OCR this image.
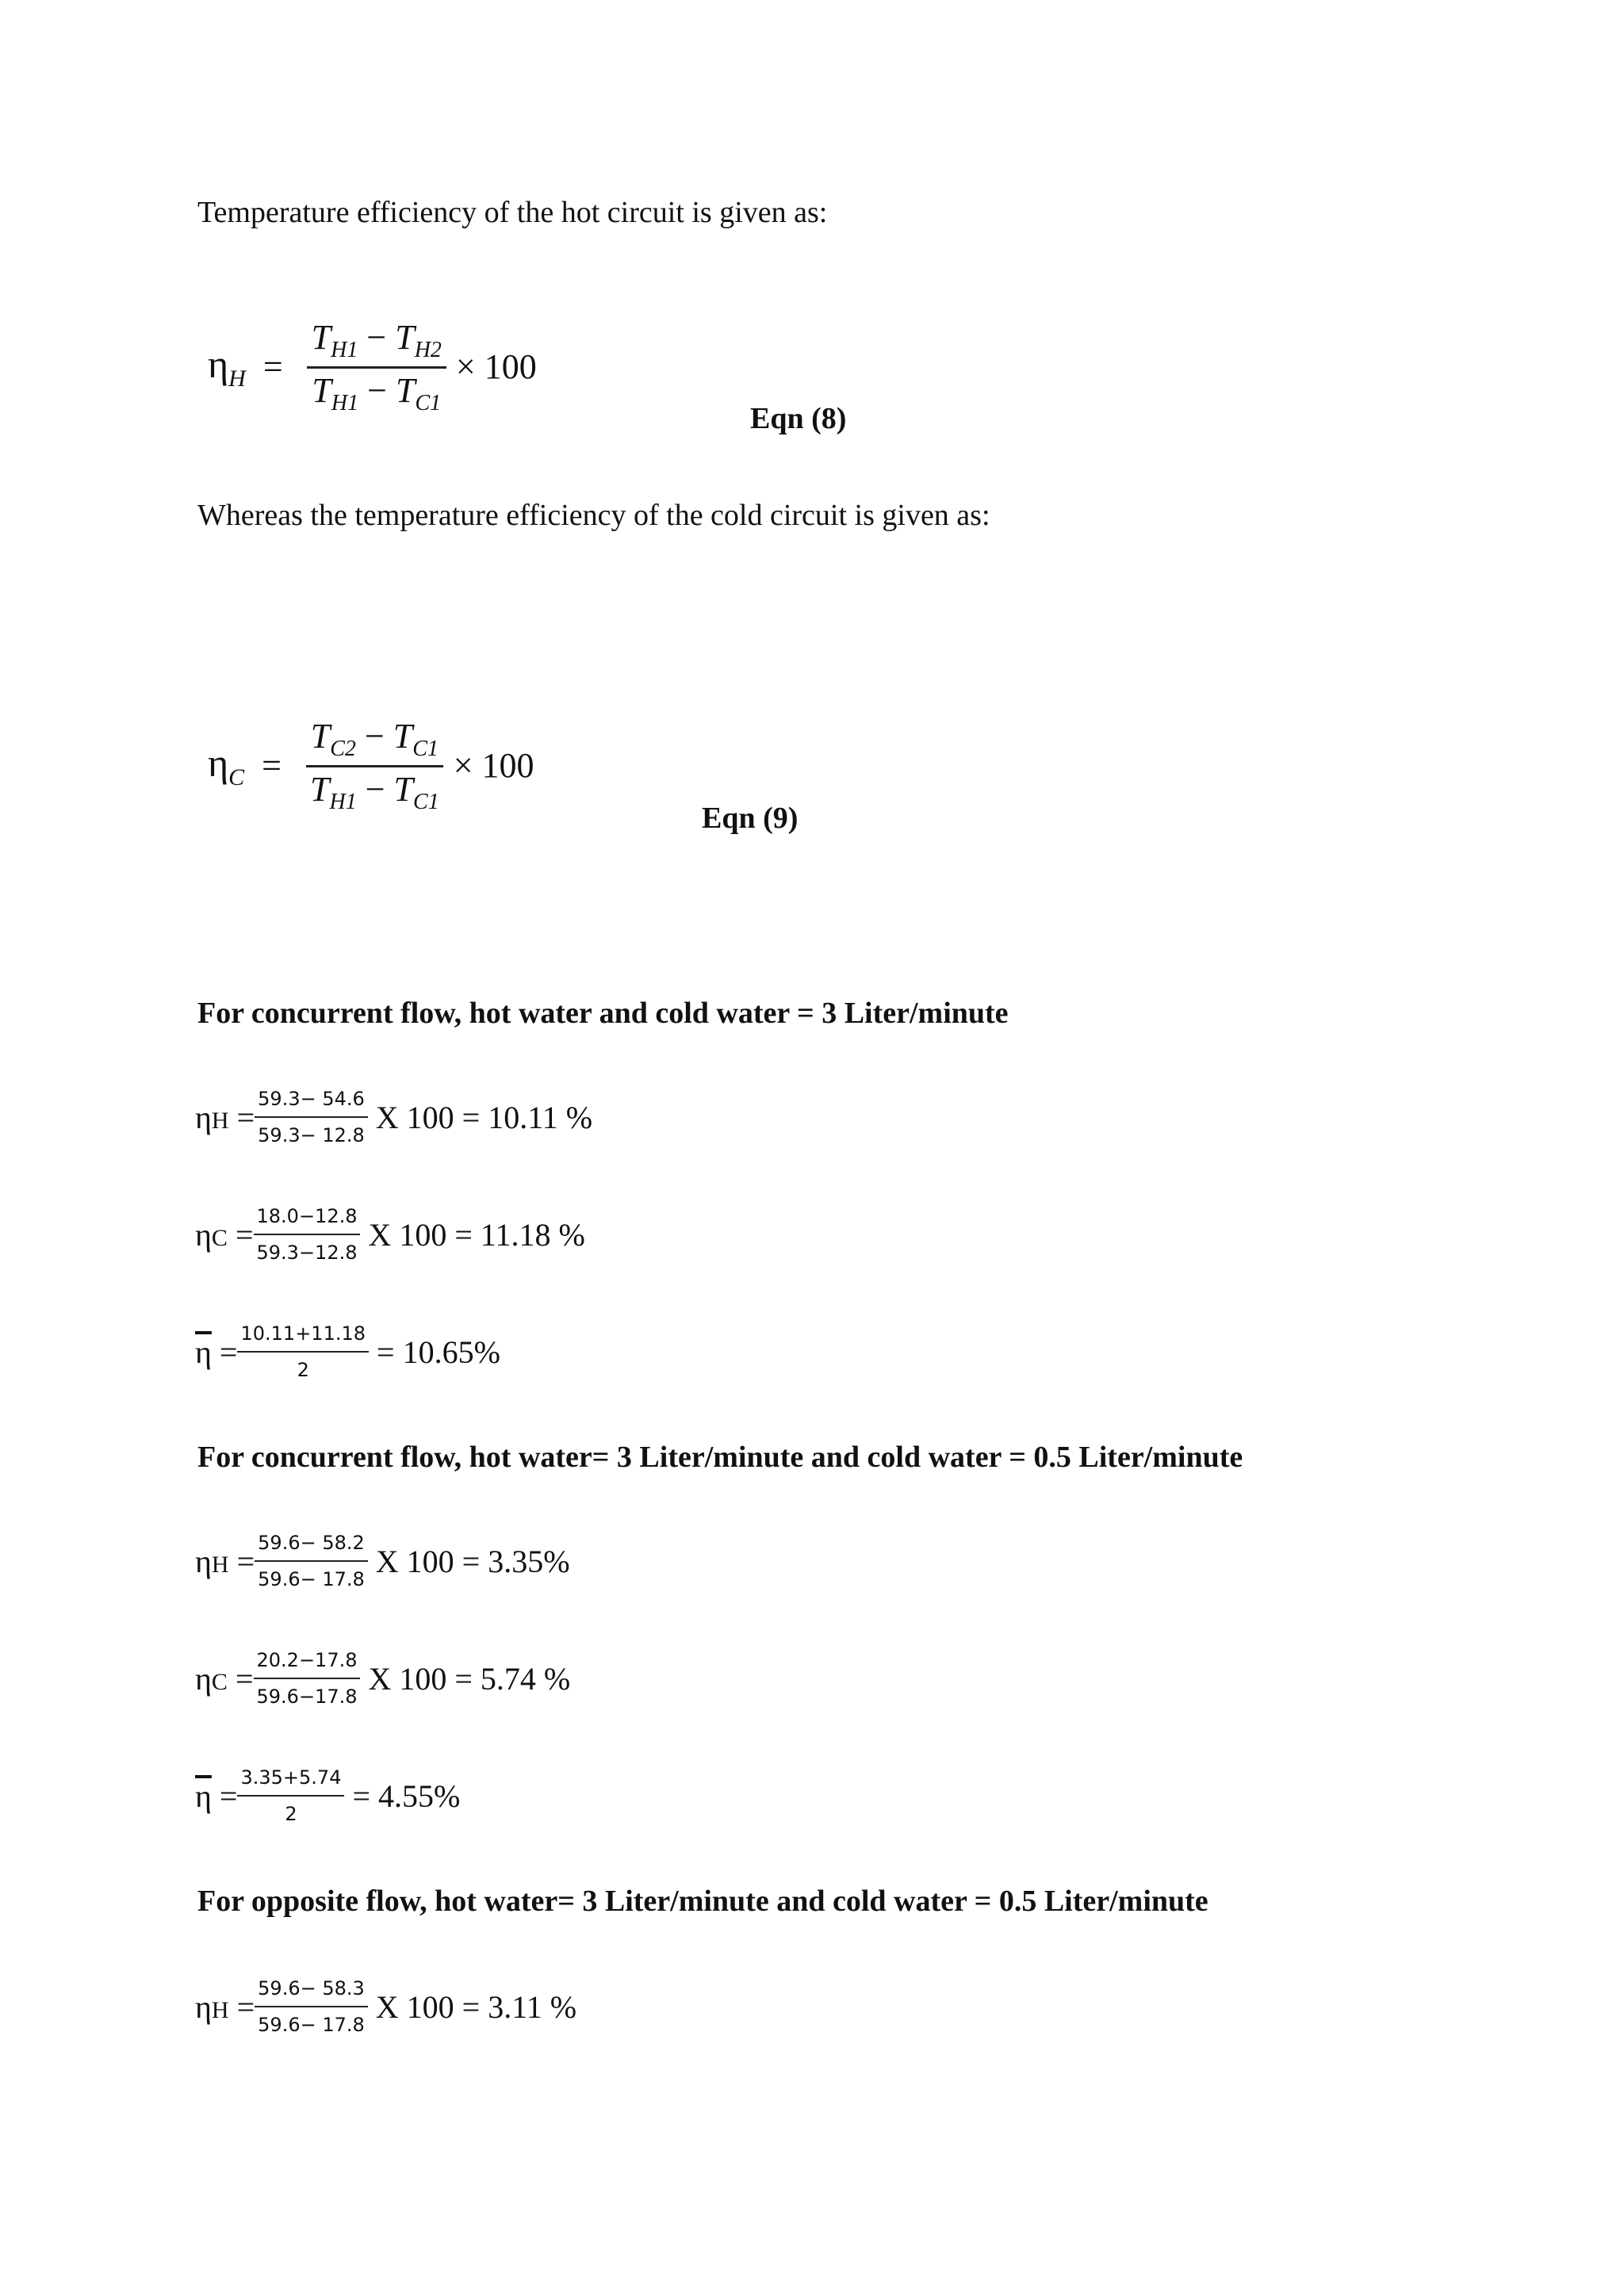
Temperature efficiency of the hot circuit is given as:
$\eta_H = \frac{T_{H1} - T_{H2}}{T_{H1} - T_{C1}} \times 100$
Eqn (8)
Whereas the temperature efficiency of the cold circuit is given as:
$\eta_C = \frac{T_{C2} - T_{C1}}{T_{H1} - T_{C1}} \times 100$
Eqn (9)
For concurrent flow, hot water and cold water = 3 Liter/minute
$\eta H = \frac{59.3- 54.6}{59.3- 12.8}$ X 100 = 10.11 %
$\eta C = \frac{18.0-12.8}{59.3-12.8}$ X 100 = 11.18 %
$\overline{\eta} = \frac{10.11+11.18}{2} = 10.65\%$
For concurrent flow, hot water= 3 Liter/minute and cold water = 0.5 Liter/minute
$\eta H = \frac{59.6- 58.2}{59.6- 17.8}$ X 100 = 3.35%
$\eta C = \frac{20.2-17.8}{59.6-17.8}$ X 100 = 5.74 %
$\overline{\eta} = \frac{3.35+5.74}{2} = 4.55\%$
For opposite flow, hot water= 3 Liter/minute and cold water = 0.5 Liter/minute
$\eta H = \frac{59.6- 58.3}{59.6- 17.8}$ X 100 = 3.11 %
